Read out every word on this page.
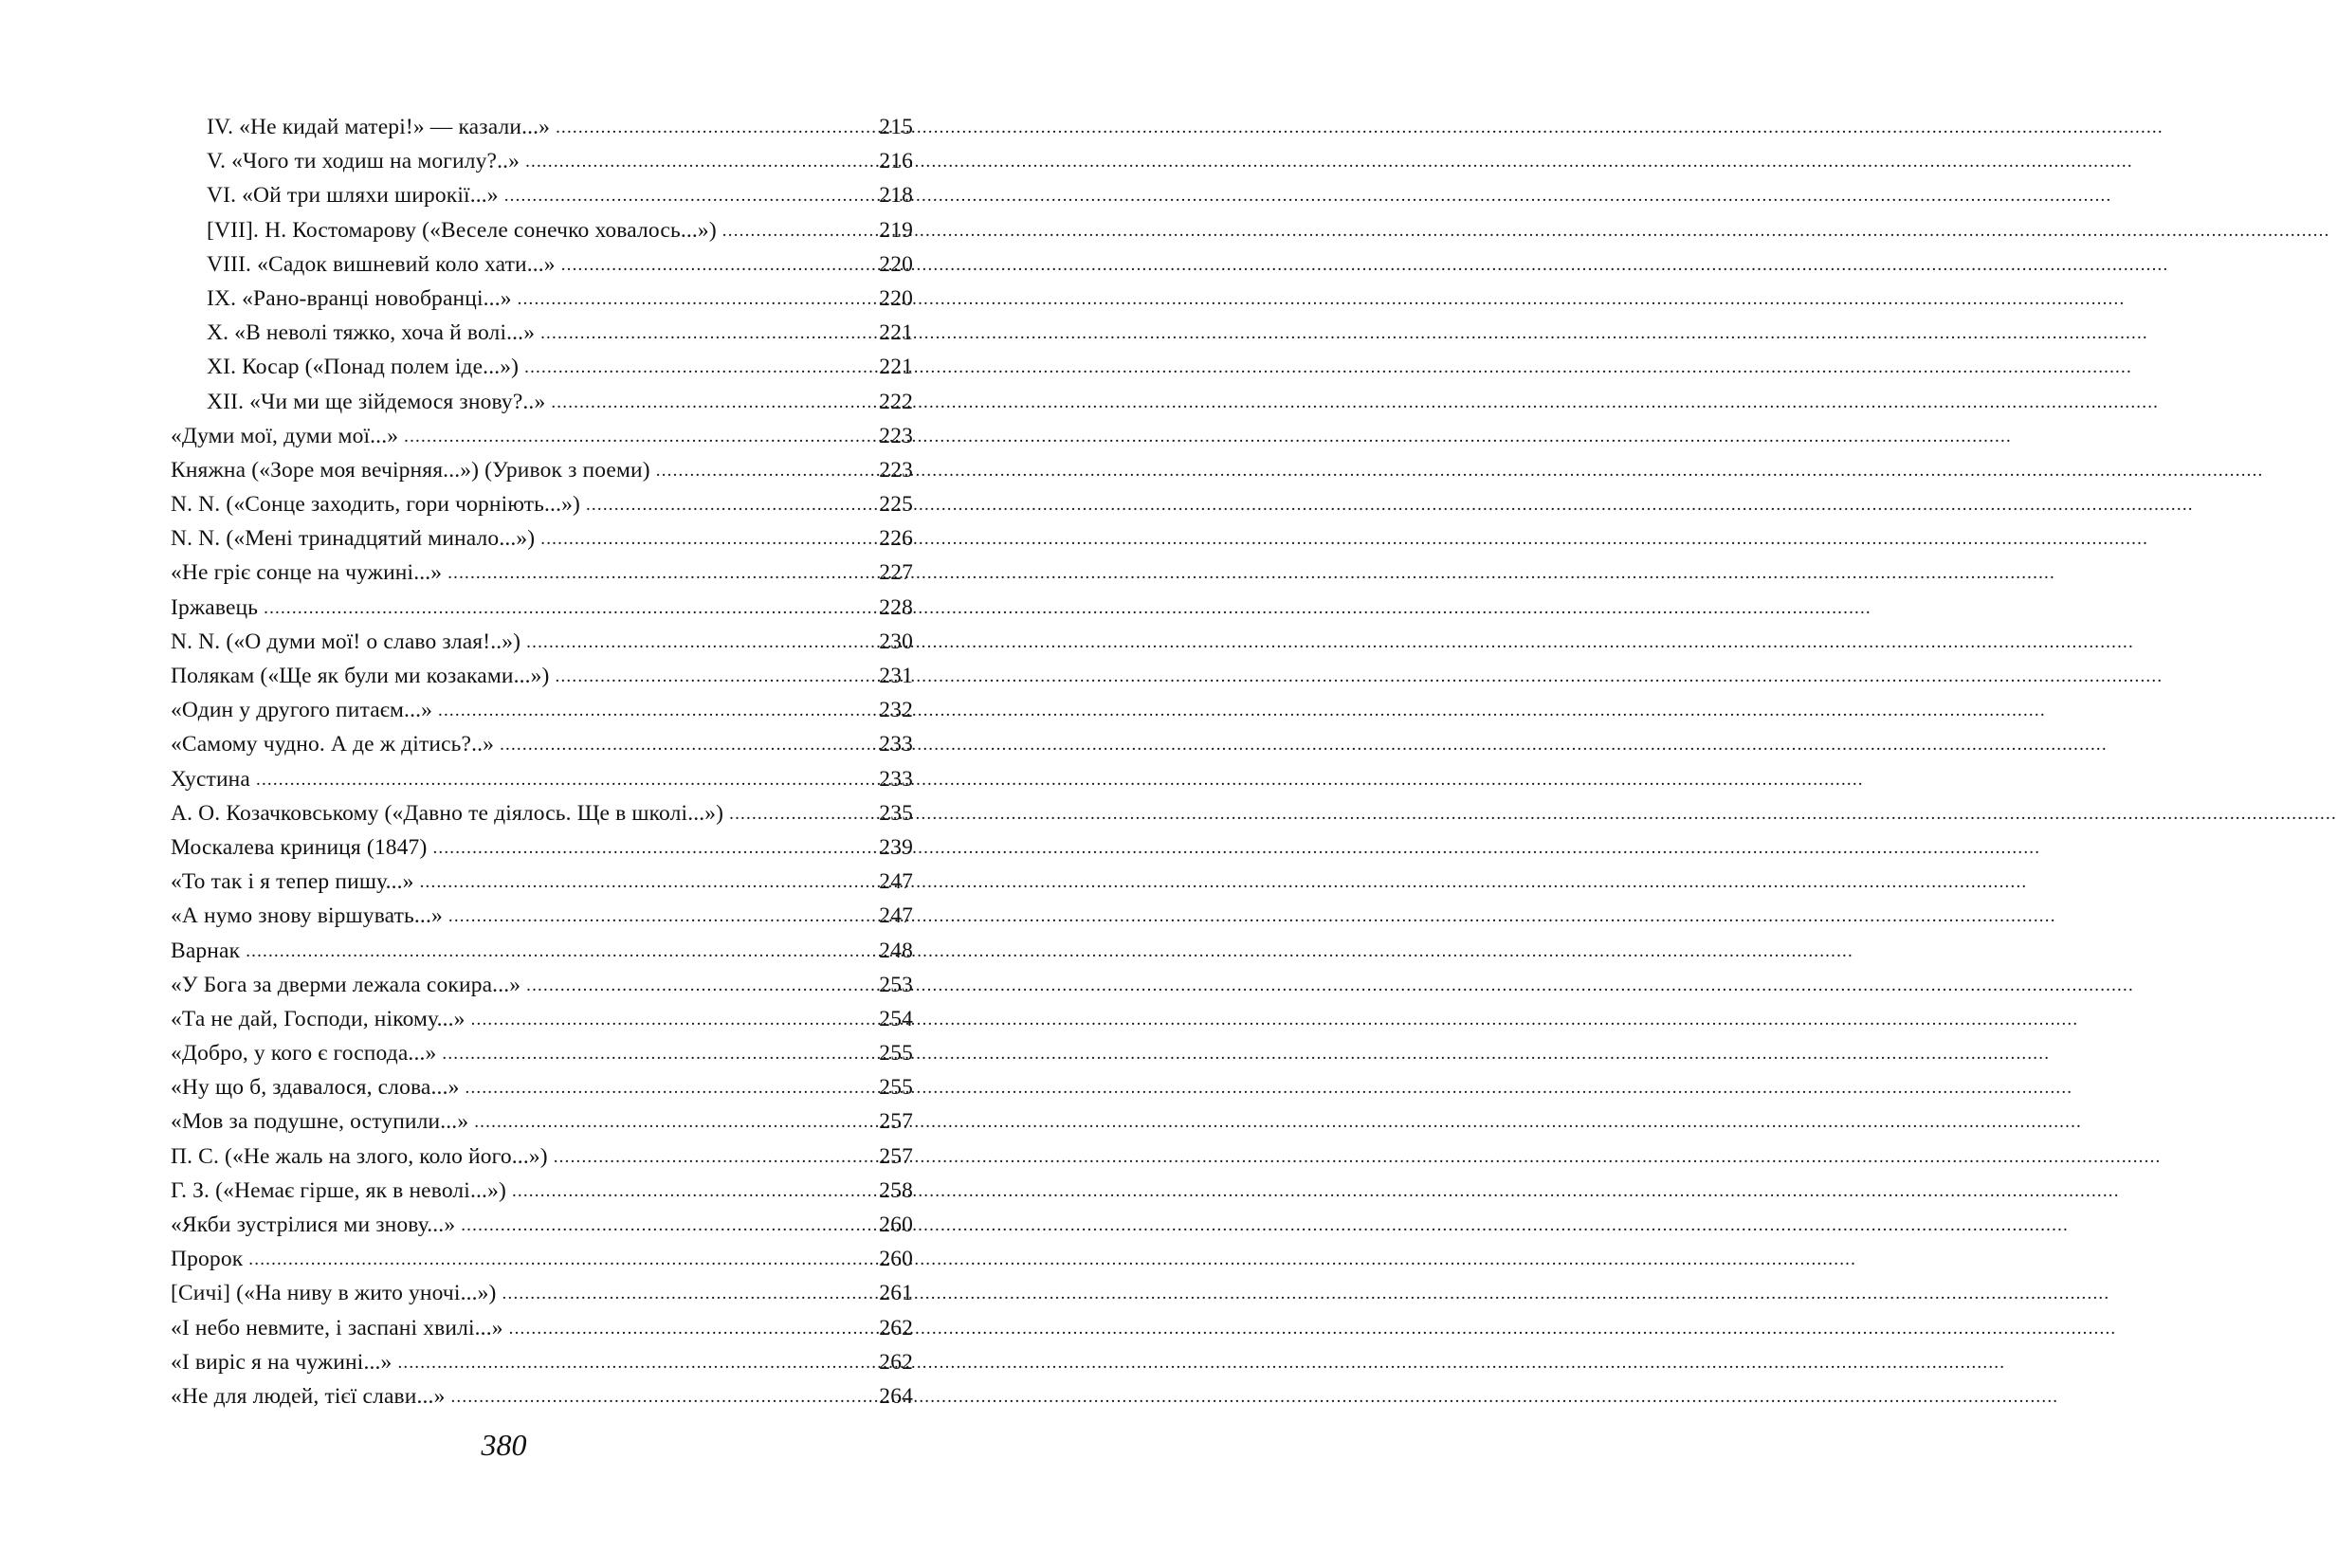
IV. «Не кидай матері!» — казали...» .....	215
V. «Чого ти ходиш на могилу?..» .....	216
VI. «Ой три шляхи широкії...» .....	218
[VII]. Н. Костомарову («Веселе сонечко ховалось...») .....	219
VIII. «Садок вишневий коло хати...» .....	220
IX. «Рано-вранці новобранці...» .....	220
X. «В неволі тяжко, хоча й волі...» .....	221
XI. Косар («Понад полем іде...») .....	221
XII. «Чи ми ще зійдемося знову?..» .....	222
«Думи мої, думи мої...» .....	223
Княжна («Зоре моя вечірняя...») (Уривок з поеми) .....	223
N. N. («Сонце заходить, гори чорніють...») .....	225
N. N. («Мені тринадцятий минало...») .....	226
«Не гріє сонце на чужині...» .....	227
Іржавець .....	228
N. N. («О думи мої! о славо злая!..») .....	230
Полякам («Ще як були ми козаками...») .....	231
«Один у другого питаєм...» .....	232
«Самому чудно. А де ж дітись?..» .....	233
Хустина .....	233
А. О. Козачковському («Давно те діялось. Ще в школі...») .....	235
Москалева криниця (1847) .....	239
«То так і я тепер пишу...» .....	247
«А нумо знову віршувать...» .....	247
Варнак .....	248
«У Бога за дверми лежала сокира...» .....	253
«Та не дай, Господи, нікому...» .....	254
«Добро, у кого є господа...» .....	255
«Ну що б, здавалося, слова...» .....	255
«Мов за подушне, оступили...» .....	257
П. С. («Не жаль на злого, коло його...») .....	257
Г. З. («Немає гірше, як в неволі...») .....	258
«Якби зустрілися ми знову...» .....	260
Пророк .....	260
[Сичі] («На ниву в жито уночі...») .....	261
«І небо невмите, і заспані хвилі...» .....	262
«І виріс я на чужині...» .....	262
«Не для людей, тієї слави...» .....	264
380
